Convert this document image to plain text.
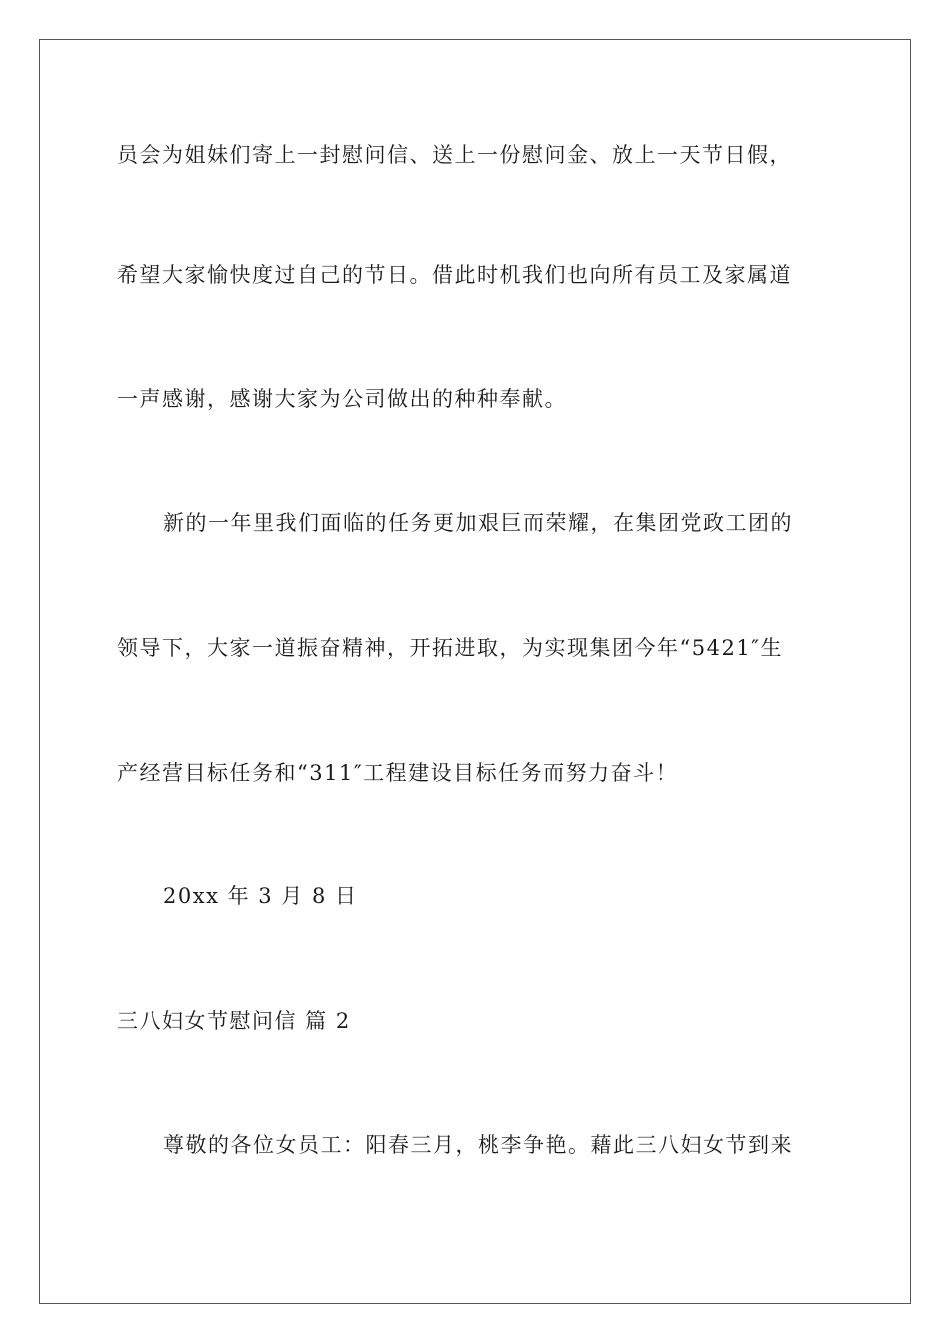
员会为姐妹们寄上一封慰问信、送上一份慰问金、放上一天节日假，
希望大家愉快度过自己的节日。借此时机我们也向所有员工及家属道
一声感谢，感谢大家为公司做出的种种奉献。
新的一年里我们面临的任务更加艰巨而荣耀，在集团党政工团的
领导下，大家一道振奋精神，开拓进取，为实现集团今年“5421″生
产经营目标任务和“311″工程建设目标任务而努力奋斗！
20xx 年 3 月 8 日
三八妇女节慰问信 篇 2
尊敬的各位女员工：阳春三月，桃李争艳。藉此三八妇女节到来
